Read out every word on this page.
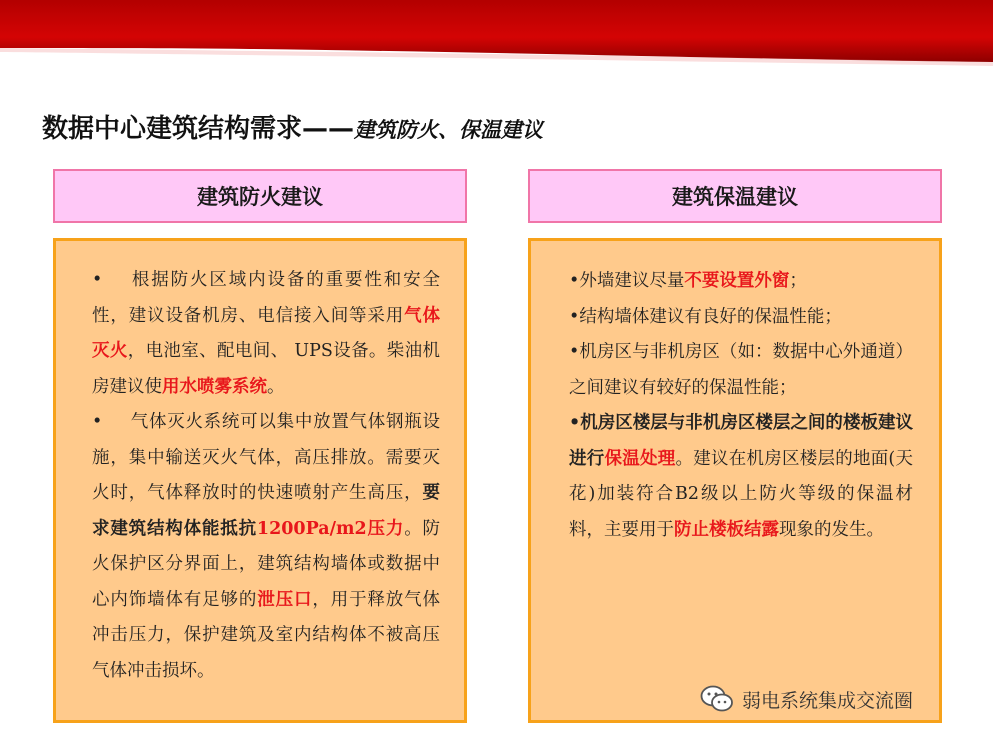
数据中心建筑结构需求——建筑防火、保温建议
建筑防火建议	建筑保温建议

• 根据防火区域内设备的重要性和安全性，建议设备机房、电信接入间等采用气体灭火，电池室、配电间、 UPS设备。柴油机房建议使用水喷雾系统。

• 气体灭火系统可以集中放置气体钢瓶设施，集中输送灭火气体，高压排放。需要灭火时，气体释放时的快速喷射产生高压，要求建筑结构体能抵抗1200Pa/m2压力。防火保护区分界面上，建筑结构墙体或数据中心内饰墙体有足够的泄压口，用于释放气体冲击压力，保护建筑及室内结构体不被高压气体冲击损坏。

•外墙建议尽量不要设置外窗；

•结构墙体建议有良好的保温性能；

•机房区与非机房区（如：数据中心外通道）之间建议有较好的保温性能；

•机房区楼层与非机房区楼层之间的楼板建议进行保温处理。建议在机房区楼层的地面(天花)加装符合B2级以上防火等级的保温材料，主要用于防止楼板结露现象的发生。

弱电系统集成交流圈
